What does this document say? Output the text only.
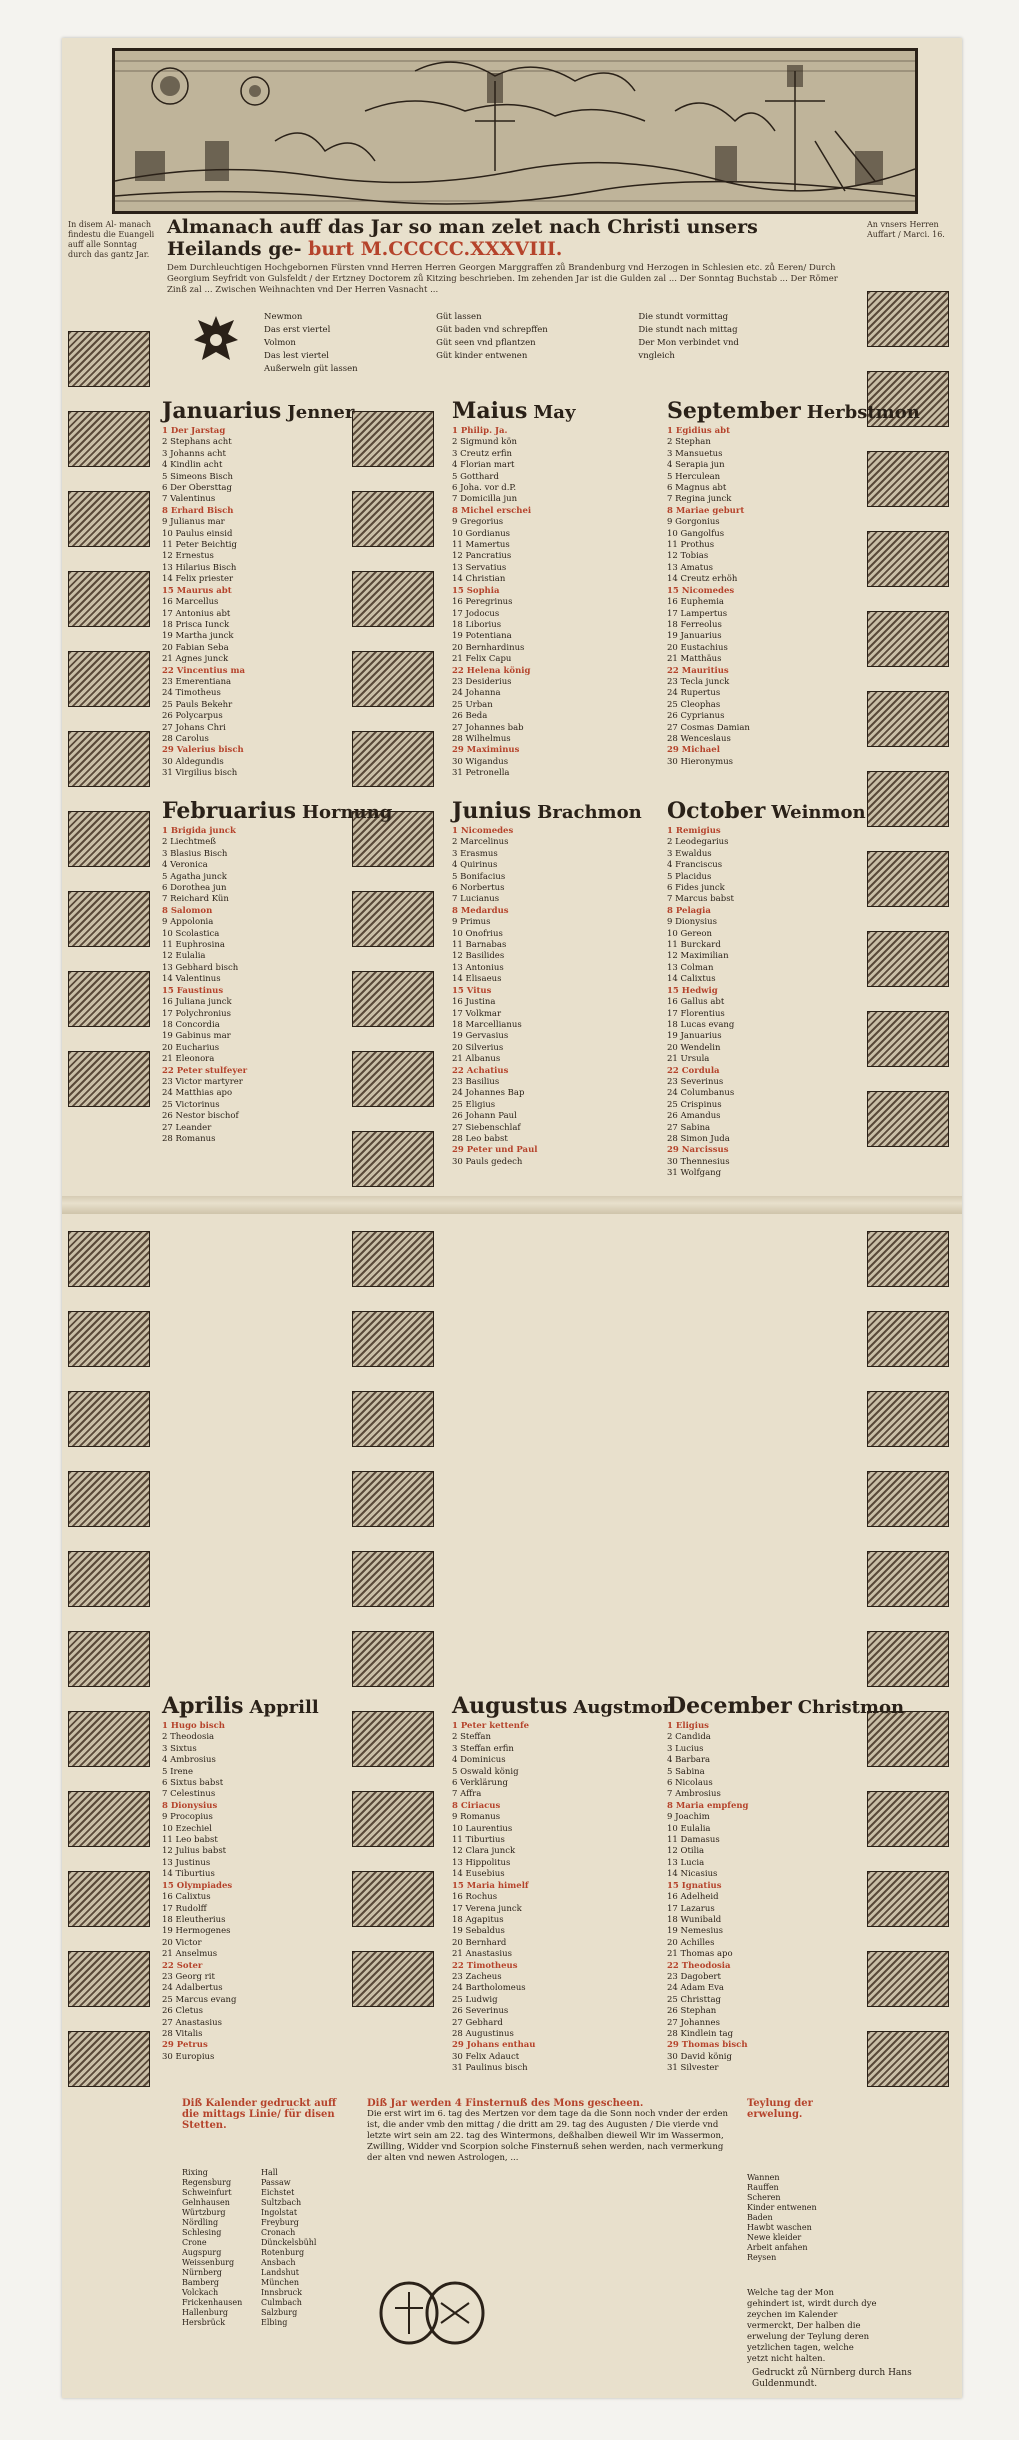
In disem Al- manach findestu die Euangeli auff alle Sonntag durch das gantz Jar.
An vnsers Herren Auffart / Marci. 16.
Almanach auff das Jar so man zelet nach Christi unsers Heilands ge- burt M.CCCCC.XXXVIII.
Dem Durchleuchtigen Hochgebornen Fürsten vnnd Herren Herren Georgen Marggraffen zů Brandenburg vnd Herzogen in Schlesien etc. zů Eeren/ Durch Georgium Seyfridt von Gulsfeldt / der Ertzney Doctorem zů Kitzing beschrieben. Im zehenden Jar ist die Gulden zal ... Der Sonntag Buchstab ... Der Römer Zinß zal ... Zwischen Weihnachten vnd Der Herren Vasnacht ...
Newmon	Güt lassen	Die stundt vormittag
Das erst viertel	Güt baden vnd schrepffen	Die stundt nach mittag
Volmon	Güt seen vnd pflantzen	Der Mon verbindet vnd
Das lest viertel	Güt kinder entwenen	vngleich
Außerweln güt lassen		
Januarius Jenner
1 Der Jarstag
2 Stephans acht
3 Johanns acht
4 Kindlin acht
5 Simeons Bisch
6 Der Obersttag
7 Valentinus
8 Erhard Bisch
9 Julianus mar
10 Paulus einsid
11 Peter Beichtig
12 Ernestus
13 Hilarius Bisch
14 Felix priester
15 Maurus abt
16 Marcellus
17 Antonius abt
18 Prisca Iunck
19 Martha junck
20 Fabian Seba
21 Agnes junck
22 Vincentius ma
23 Emerentiana
24 Timotheus
25 Pauls Bekehr
26 Polycarpus
27 Johans Chri
28 Carolus
29 Valerius bisch
30 Aldegundis
31 Virgilius bisch
Februarius Hornung
1 Brigida junck
2 Liechtmeß
3 Blasius Bisch
4 Veronica
5 Agatha junck
6 Dorothea jun
7 Reichard Kün
8 Salomon
9 Appolonia
10 Scolastica
11 Euphrosina
12 Eulalia
13 Gebhard bisch
14 Valentinus
15 Faustinus
16 Juliana junck
17 Polychronius
18 Concordia
19 Gabinus mar
20 Eucharius
21 Eleonora
22 Peter stulfeyer
23 Victor martyrer
24 Matthias apo
25 Victorinus
26 Nestor bischof
27 Leander
28 Romanus
Maius May
1 Philip. Ja.
2 Sigmund kön
3 Creutz erfin
4 Florian mart
5 Gotthard
6 Joha. vor d.P.
7 Domicilla jun
8 Michel erschei
9 Gregorius
10 Gordianus
11 Mamertus
12 Pancratius
13 Servatius
14 Christian
15 Sophia
16 Peregrinus
17 Jodocus
18 Liborius
19 Potentiana
20 Bernhardinus
21 Felix Capu
22 Helena könig
23 Desiderius
24 Johanna
25 Urban
26 Beda
27 Johannes bab
28 Wilhelmus
29 Maximinus
30 Wigandus
31 Petronella
Junius Brachmon
1 Nicomedes
2 Marcelinus
3 Erasmus
4 Quirinus
5 Bonifacius
6 Norbertus
7 Lucianus
8 Medardus
9 Primus
10 Onofrius
11 Barnabas
12 Basilides
13 Antonius
14 Elisaeus
15 Vitus
16 Justina
17 Volkmar
18 Marcellianus
19 Gervasius
20 Silverius
21 Albanus
22 Achatius
23 Basilius
24 Johannes Bap
25 Eligius
26 Johann Paul
27 Siebenschlaf
28 Leo babst
29 Peter und Paul
30 Pauls gedech
September Herbstmon
1 Egidius abt
2 Stephan
3 Mansuetus
4 Serapia jun
5 Herculean
6 Magnus abt
7 Regina junck
8 Mariae geburt
9 Gorgonius
10 Gangolfus
11 Prothus
12 Tobias
13 Amatus
14 Creutz erhöh
15 Nicomedes
16 Euphemia
17 Lampertus
18 Ferreolus
19 Januarius
20 Eustachius
21 Matthäus
22 Mauritius
23 Tecla junck
24 Rupertus
25 Cleophas
26 Cyprianus
27 Cosmas Damian
28 Wenceslaus
29 Michael
30 Hieronymus
October Weinmon
1 Remigius
2 Leodegarius
3 Ewaldus
4 Franciscus
5 Placidus
6 Fides junck
7 Marcus babst
8 Pelagia
9 Dionysius
10 Gereon
11 Burckard
12 Maximilian
13 Colman
14 Calixtus
15 Hedwig
16 Gallus abt
17 Florentius
18 Lucas evang
19 Januarius
20 Wendelin
21 Ursula
22 Cordula
23 Severinus
24 Columbanus
25 Crispinus
26 Amandus
27 Sabina
28 Simon Juda
29 Narcissus
30 Thennesius
31 Wolfgang
Aprilis Apprill
1 Hugo bisch
2 Theodosia
3 Sixtus
4 Ambrosius
5 Irene
6 Sixtus babst
7 Celestinus
8 Dionysius
9 Procopius
10 Ezechiel
11 Leo babst
12 Julius babst
13 Justinus
14 Tiburtius
15 Olympiades
16 Calixtus
17 Rudolff
18 Eleutherius
19 Hermogenes
20 Victor
21 Anselmus
22 Soter
23 Georg rit
24 Adalbertus
25 Marcus evang
26 Cletus
27 Anastasius
28 Vitalis
29 Petrus
30 Europius
Augustus Augstmon
1 Peter kettenfe
2 Steffan
3 Steffan erfin
4 Dominicus
5 Oswald könig
6 Verklärung
7 Affra
8 Ciriacus
9 Romanus
10 Laurentius
11 Tiburtius
12 Clara junck
13 Hippolitus
14 Eusebius
15 Maria himelf
16 Rochus
17 Verena junck
18 Agapitus
19 Sebaldus
20 Bernhard
21 Anastasius
22 Timotheus
23 Zacheus
24 Bartholomeus
25 Ludwig
26 Severinus
27 Gebhard
28 Augustinus
29 Johans enthau
30 Felix Adauct
31 Paulinus bisch
December Christmon
1 Eligius
2 Candida
3 Lucius
4 Barbara
5 Sabina
6 Nicolaus
7 Ambrosius
8 Maria empfeng
9 Joachim
10 Eulalia
11 Damasus
12 Otilia
13 Lucia
14 Nicasius
15 Ignatius
16 Adelheid
17 Lazarus
18 Wunibald
19 Nemesius
20 Achilles
21 Thomas apo
22 Theodosia
23 Dagobert
24 Adam Eva
25 Christtag
26 Stephan
27 Johannes
28 Kindlein tag
29 Thomas bisch
30 David könig
31 Silvester
Diß Kalender gedruckt auff die mittags Linie/ für disen Stetten.
Rixing
Regensburg
Schweinfurt
Gelnhausen
Würtzburg
Nördling
Schlesing
Crone
Augspurg
Weissenburg
Nürnberg
Bamberg
Volckach
Frickenhausen
Hallenburg
Hersbrück
Hall
Passaw
Eichstet
Sultzbach
Ingolstat
Freyburg
Cronach
Dünckelsbühl
Rotenburg
Ansbach
Landshut
München
Innsbruck
Culmbach
Salzburg
Elbing
Diß Jar werden 4 Finsternuß des Mons gescheen.
Die erst wirt im 6. tag des Mertzen vor dem tage da die Sonn noch vnder der erden ist, die ander vmb den mittag / die dritt am 29. tag des Augusten / Die vierde vnd letzte wirt sein am 22. tag des Wintermons, deßhalben dieweil Wir im Wassermon, Zwilling, Widder vnd Scorpion solche Finsternuß sehen werden, nach vermerkung der alten vnd newen Astrologen, ...
Teylung der erwelung.
Wannen
Rauffen
Scheren
Kinder entwenen
Baden
Hawbt waschen
Newe kleider
Arbeit anfahen
Reysen
Welche tag der Mon gehindert ist, wirdt durch dye zeychen im Kalender vermerckt, Der halben die erwelung der Teylung deren yetzlichen tagen, welche yetzt nicht halten.
Gedruckt zů Nürnberg durch Hans Guldenmundt.
